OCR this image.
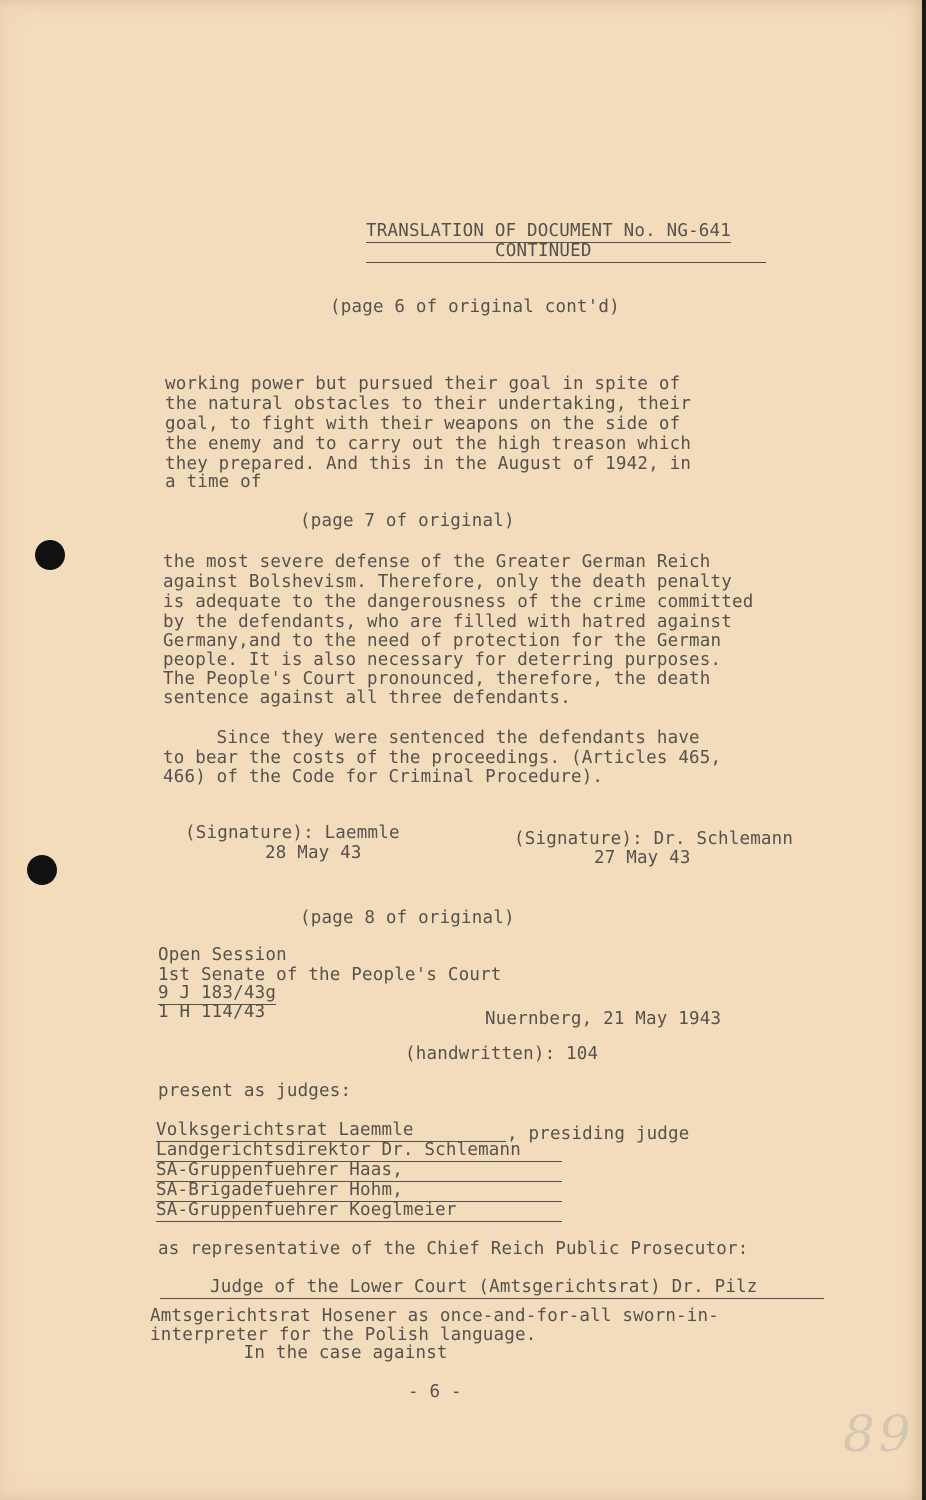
TRANSLATION OF DOCUMENT No. NG-641

CONTINUED

(page 6 of original cont'd)

working power but pursued their goal in spite of

the natural obstacles to their undertaking, their

goal, to fight with their weapons on the side of

the enemy and to carry out the high treason which

they prepared. And this in the August of 1942, in

a time of

(page 7 of original)

the most severe defense of the Greater German Reich

against Bolshevism. Therefore, only the death penalty

is adequate to the dangerousness of the crime committed

by the defendants, who are filled with hatred against

Germany,and to the need of protection for the German

people. It is also necessary for deterring purposes.

The People's Court pronounced, therefore, the death

sentence against all three defendants.

Since they were sentenced the defendants have

to bear the costs of the proceedings. (Articles 465,

466) of the Code for Criminal Procedure).

(Signature): Laemmle

28 May 43

(Signature): Dr. Schlemann

27 May 43

(page 8 of original)

Open Session

1st Senate of the People's Court

9 J 183/43g

1 H 114/43	Nuernberg, 21 May 1943

(handwritten): 104

present as judges:

Volksgerichtsrat Laemmle	, presiding judge

Landgerichtsdirektor Dr. Schlemann

SA-Gruppenfuehrer Haas,

SA-Brigadefuehrer Hohm,

SA-Gruppenfuehrer Koeglmeier

as representative of the Chief Reich Public Prosecutor:

Judge of the Lower Court (Amtsgerichtsrat) Dr. Pilz

Amtsgerichtsrat Hosener as once-and-for-all sworn-in-

interpreter for the Polish language.

In the case against

- 6 -

89
